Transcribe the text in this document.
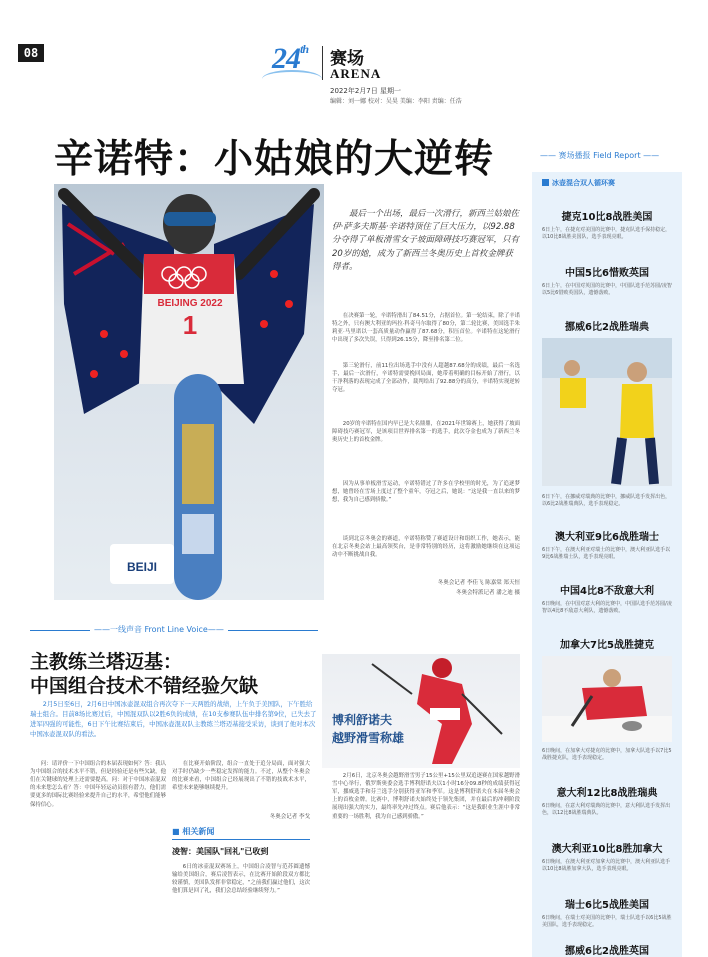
08	24th 赛场
ARENA
2022年2月7日 星期一
编辑：刘一娜 校对：吴昊 美编：李阳 责编：任浩
辛诺特：小姑娘的大逆转
BEIJING 2022
1
BEIJI
最后一个出场，最后一次滑行，新西兰姑娘佐伊·萨多夫斯基·辛诺特顶住了巨大压力，以92.88分夺得了单板滑雪女子坡面障碍技巧赛冠军，只有20岁的她，成为了新西兰冬奥历史上首枚金牌获得者。
在决赛第一轮，辛诺特滑出了84.51分，占据首位。第一轮结束，除了辛诺特之外，只有澳大利亚的玛拉·科奇马尔取得了80分，第二轮比赛，美国选手朱莉亚·马里诺以一套高质量动作赢得了87.68分，积压首位。辛诺特在这轮滑行中出现了多次失误，只得到26.15分，降至排名第二位。
第三轮滑行，前11位出场选手中没有人超越87.68分的成绩，最后一名选手，最后一次滑行，辛诺特需要挽回局面，她带着明确的目标开始了滑行，以干净利落的表现完成了全部动作，裁判给出了92.88分的高分，辛诺特实现逆转夺冠。
20岁的辛诺特在国内早已是大名鼎鼎，在2021年世锦赛上，她获得了坡面障碍技巧赛冠军，是该项目世界排名第一的选手，此次夺金也成为了新西兰冬奥历史上的首枚金牌。
因为从事单板滑雪运动，辛诺特错过了许多在学校里的时光，为了追逐梦想，她曾经在雪场上度过了整个童年，夺冠之后，她说：“这是我一直以来的梦想，我为自己感到骄傲。”
谈到北京冬奥会的赛道，辛诺特称赞了赛道设计和组织工作，她表示，能在北京冬奥会站上最高领奖台，是非常特别的经历，这将激励她继续在这项运动中不断挑战自我。
冬奥会记者 李佳飞 陈嘉棠 郑天恒
冬奥会特派记者 潘之迪 摄
——一线声音 Front Line Voice——
主教练兰塔迈基：
中国组合技术不错经验欠缺
2月5日至6日，2月6日中国冰壶混双组合再次夺下一天两胜的战绩，上午负于美国队，下午胜给瑞士组合。目前8场比赛过后，中国混双队以2胜6负的成绩，在10支参赛队伍中排名第9位，已失去了进军四强的可能性，6日下午比赛结束后，中国冰壶混双队主教练兰塔迈基接受采访，谈到了他对本次中国冰壶混双队的看法。
问：请评价一下中国组合的本届表现如何？答：我认为中国组合的技术水平不错，但是经验还是有些欠缺，他们在关键球的处理上还需要提高。问：对于中国冰壶混双的未来您怎么看？答：中国年轻运动员很有潜力，他们需要更多的国际比赛经验来提升自己的水平，希望他们能够保持信心。
在比赛开始阶段，组合一直处于追分局面，面对强大对手时仍缺少一些稳定发挥的能力。不过，从整个冬奥会的比赛来看，中国组合已经展现出了不错的技战术水平，希望未来能够继续提升。
冬奥会记者 李戈
■ 相关新闻
凌智：美国队"回礼"已收到
6日的冰壶混双赛场上，中国组合凌智与范苏圆遗憾输给美国组合，赛后凌智表示，在比赛开始阶段双方都比较谨慎，美国队发挥非常稳定，“之前我们赢过他们，这次他们算是回了礼，我们会总结经验继续努力。”
博利舒诺夫
越野滑雪称雄
2月6日，北京冬奥会越野滑雪男子15公里+15公里双追逐赛在国家越野滑雪中心举行，俄罗斯奥委会选手博利舒诺夫以1小时16分09.8秒的成绩获得冠军，挪威选手和芬兰选手分别获得亚军和季军。这是博利舒诺夫在本届冬奥会上的首枚金牌。比赛中，博利舒诺夫始终处于领先集团，并在最后的冲刺阶段展现出强大的实力，最终率先冲过终点。赛后他表示：“这是我职业生涯中非常重要的一场胜利，我为自己感到骄傲。”
—— 赛场播报 Field Report ——
冰壶混合双人循环赛
捷克10比8战胜美国
6日上午，在捷克对美国的比赛中，捷克队选手保持稳定，以10比8战胜美国队，选手表现亮眼。
中国5比6惜败英国
6日上午，在中国对英国的比赛中，中国队选手范苏圆/凌智以5比6惜败英国队，遗憾落败。
挪威6比2战胜瑞典
6日下午，在挪威对瑞典的比赛中，挪威队选手发挥出色，以6比2战胜瑞典队，选手表现稳定。
澳大利亚9比6战胜瑞士
6日下午，在澳大利亚对瑞士的比赛中，澳大利亚队选手以9比6战胜瑞士队，选手表现亮眼。
中国4比8不敌意大利
6日晚间，在中国对意大利的比赛中，中国队选手范苏圆/凌智以4比8不敌意大利队，遗憾落败。
加拿大7比5战胜捷克
6日晚间，在加拿大对捷克的比赛中，加拿大队选手以7比5战胜捷克队，选手表现稳定。
意大利12比8战胜瑞典
6日晚间，在意大利对瑞典的比赛中，意大利队选手发挥出色，以12比8战胜瑞典队。
澳大利亚10比8胜加拿大
6日晚间，在澳大利亚对加拿大的比赛中，澳大利亚队选手以10比8战胜加拿大队，选手表现亮眼。
瑞士6比5战胜美国
6日晚间，在瑞士对美国的比赛中，瑞士队选手以6比5战胜美国队，选手表现稳定。
挪威6比2战胜英国
